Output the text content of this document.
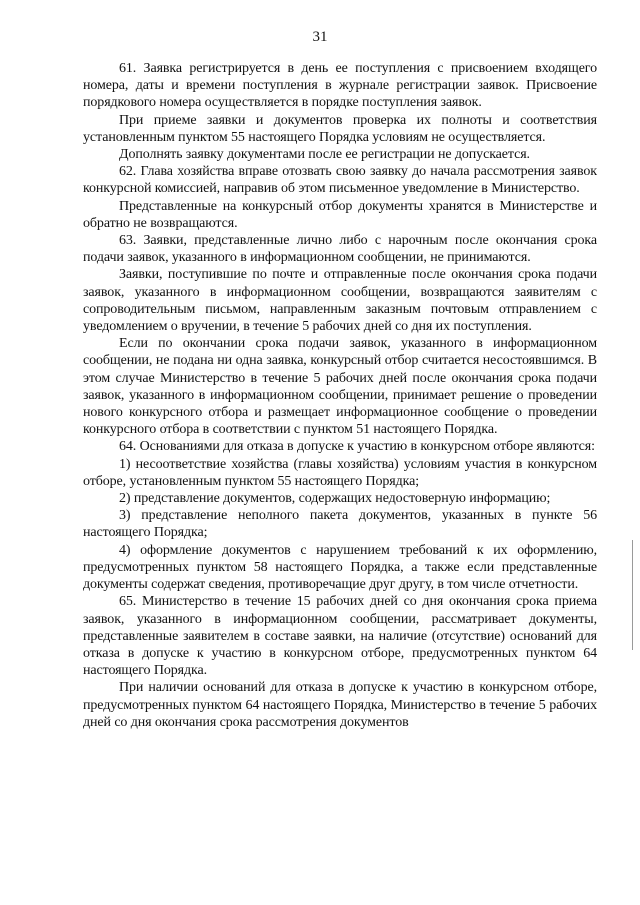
31

61. Заявка регистрируется в день ее поступления с присвоением входящего номера, даты и времени поступления в журнале регистрации заявок. Присвоение порядкового номера осуществляется в порядке поступления заявок.

При приеме заявки и документов проверка их полноты и соответствия установленным пунктом 55 настоящего Порядка условиям не осуществляется.

Дополнять заявку документами после ее регистрации не допускается.

62. Глава хозяйства вправе отозвать свою заявку до начала рассмотрения заявок конкурсной комиссией, направив об этом письменное уведомление в Министерство.

Представленные на конкурсный отбор документы хранятся в Министерстве и обратно не возвращаются.

63. Заявки, представленные лично либо с нарочным после окончания срока подачи заявок, указанного в информационном сообщении, не принимаются.

Заявки, поступившие по почте и отправленные после окончания срока подачи заявок, указанного в информационном сообщении, возвращаются заявителям с сопроводительным письмом, направленным заказным почтовым отправлением с уведомлением о вручении, в течение 5 рабочих дней со дня их поступления.

Если по окончании срока подачи заявок, указанного в информационном сообщении, не подана ни одна заявка, конкурсный отбор считается несостоявшимся. В этом случае Министерство в течение 5 рабочих дней после окончания срока подачи заявок, указанного в информационном сообщении, принимает решение о проведении нового конкурсного отбора и размещает информационное сообщение о проведении конкурсного отбора в соответствии с пунктом 51 настоящего Порядка.

64. Основаниями для отказа в допуске к участию в конкурсном отборе являются:

1) несоответствие хозяйства (главы хозяйства) условиям участия в конкурсном отборе, установленным пунктом 55 настоящего Порядка;

2) представление документов, содержащих недостоверную информацию;

3) представление неполного пакета документов, указанных в пункте 56 настоящего Порядка;

4) оформление документов с нарушением требований к их оформлению, предусмотренных пунктом 58 настоящего Порядка, а также если представленные документы содержат сведения, противоречащие друг другу, в том числе отчетности.

65. Министерство в течение 15 рабочих дней со дня окончания срока приема заявок, указанного в информационном сообщении, рассматривает документы, представленные заявителем в составе заявки, на наличие (отсутствие) оснований для отказа в допуске к участию в конкурсном отборе, предусмотренных пунктом 64 настоящего Порядка.

При наличии оснований для отказа в допуске к участию в конкурсном отборе, предусмотренных пунктом 64 настоящего Порядка, Министерство в течение 5 рабочих дней со дня окончания срока рассмотрения документов
